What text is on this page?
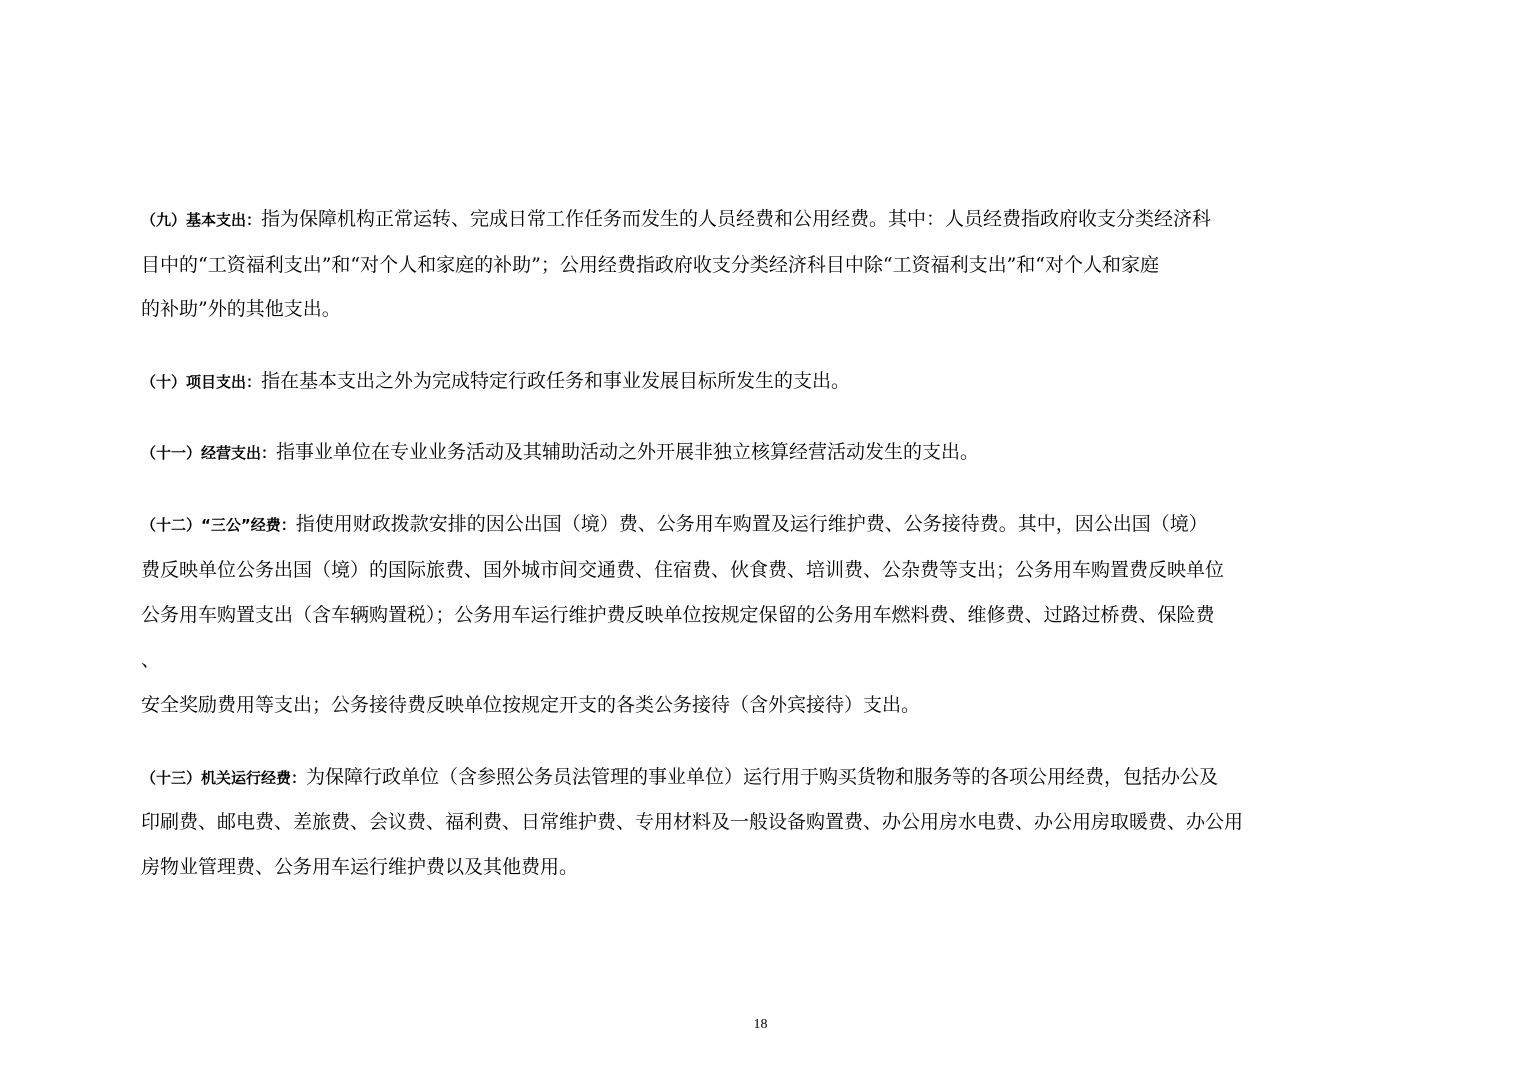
（九）基本支出：指为保障机构正常运转、完成日常工作任务而发生的人员经费和公用经费。其中：人员经费指政府收支分类经济科
目中的“工资福利支出”和“对个人和家庭的补助”；公用经费指政府收支分类经济科目中除“工资福利支出”和“对个人和家庭
的补助”外的其他支出。
（十）项目支出：指在基本支出之外为完成特定行政任务和事业发展目标所发生的支出。
（十一）经营支出：指事业单位在专业业务活动及其辅助活动之外开展非独立核算经营活动发生的支出。
（十二）“三公”经费：指使用财政拨款安排的因公出国（境）费、公务用车购置及运行维护费、公务接待费。其中，因公出国（境）
费反映单位公务出国（境）的国际旅费、国外城市间交通费、住宿费、伙食费、培训费、公杂费等支出；公务用车购置费反映单位
公务用车购置支出（含车辆购置税）；公务用车运行维护费反映单位按规定保留的公务用车燃料费、维修费、过路过桥费、保险费
、
安全奖励费用等支出；公务接待费反映单位按规定开支的各类公务接待（含外宾接待）支出。
（十三）机关运行经费：为保障行政单位（含参照公务员法管理的事业单位）运行用于购买货物和服务等的各项公用经费，包括办公及
印刷费、邮电费、差旅费、会议费、福利费、日常维护费、专用材料及一般设备购置费、办公用房水电费、办公用房取暖费、办公用
房物业管理费、公务用车运行维护费以及其他费用。
18
